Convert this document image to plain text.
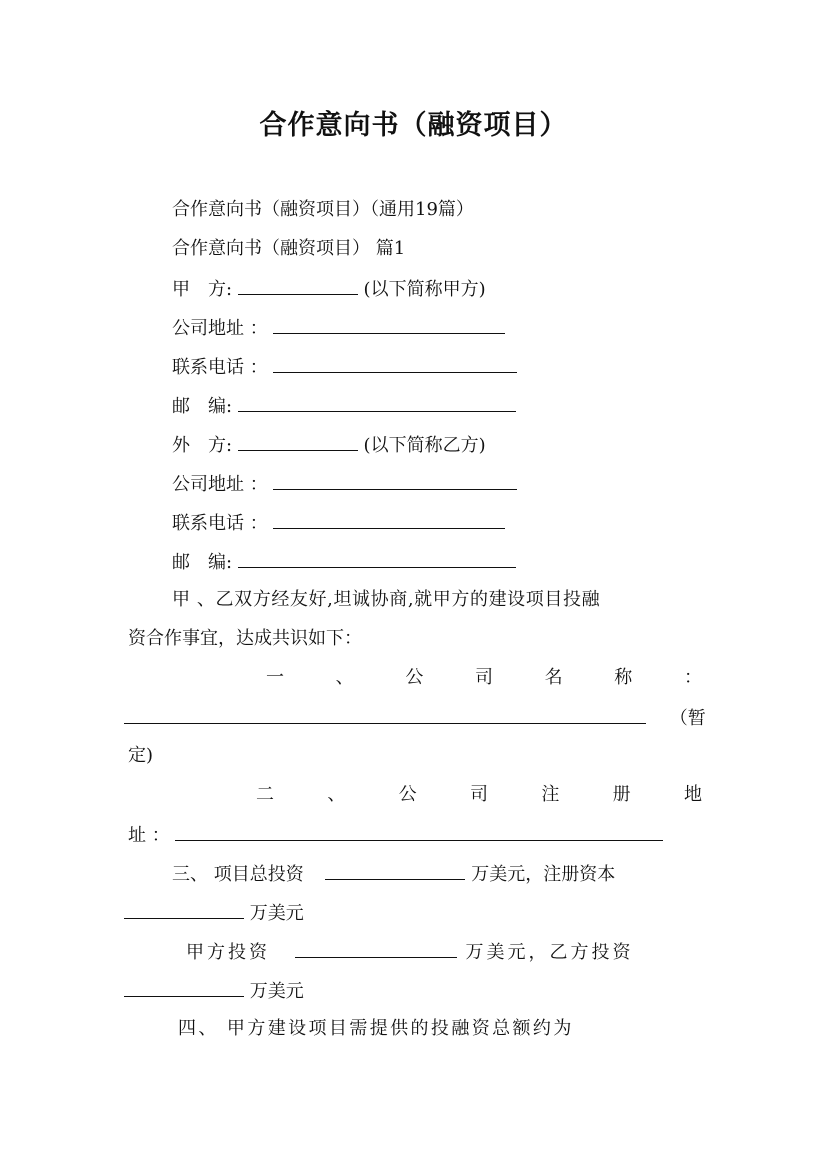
合作意向书（融资项目）
合作意向书（融资项目）（通用19篇）
合作意向书（融资项目） 篇1
甲　方:	(以下简称甲方)
公司地址 ：
联系电话 ：
邮　编:
外　方:	(以下简称乙方)
公司地址 ：
联系电话 ：
邮　编:
甲 、乙双方经友好,坦诚协商,就甲方的建设项目投融
资合作事宜，达成共识如下：
一	、	公	司	名	称	：
（暂
定)
二	、	公	司	注	册	地
址 ：
三、 项目总投资	万美元，注册资本
万美元
甲方投资	万美元，乙方投资
万美元
四、 甲方建设项目需提供的投融资总额约为
